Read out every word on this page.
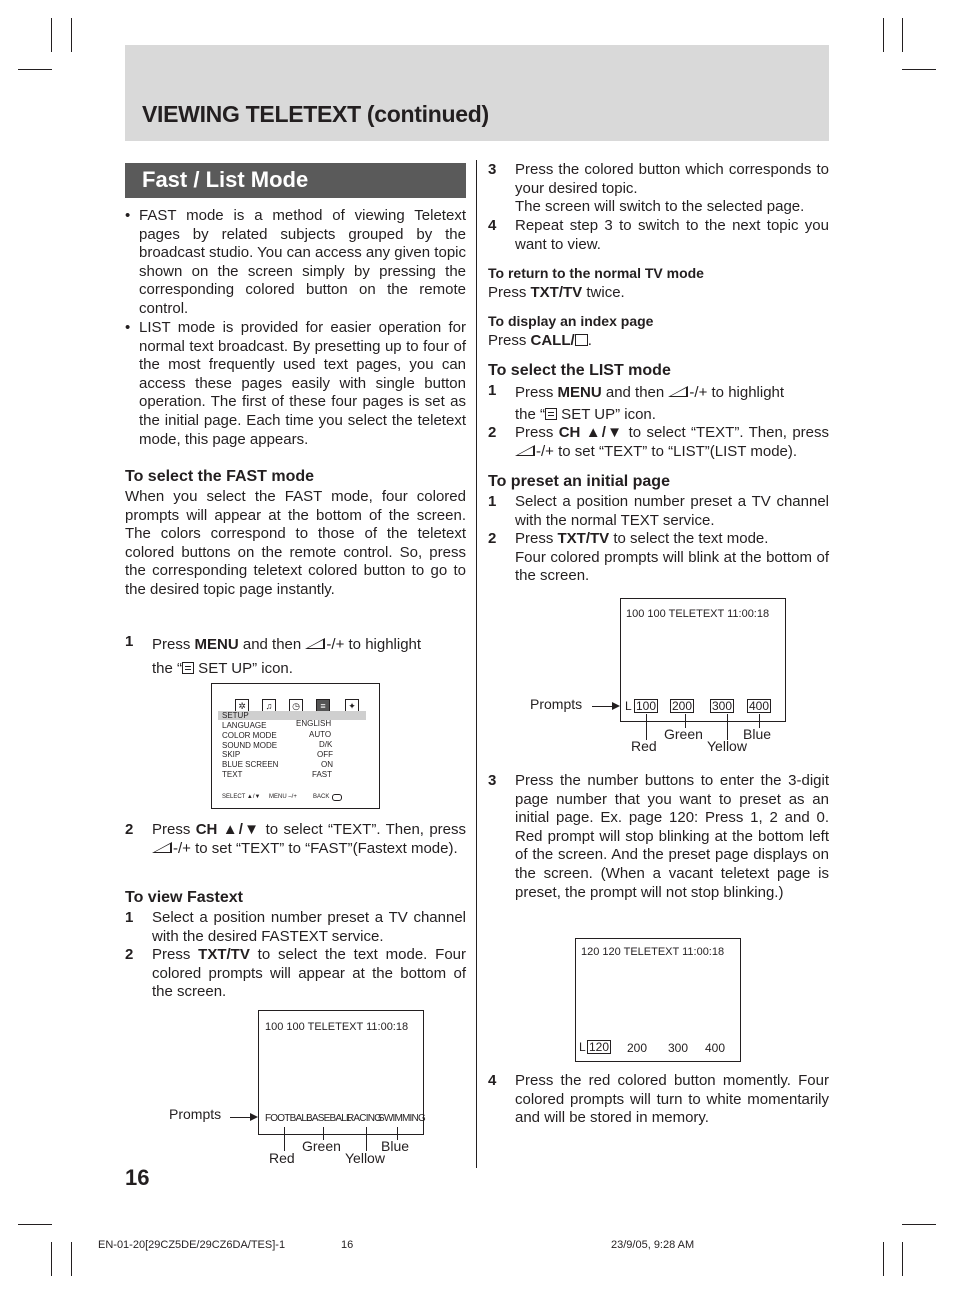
VIEWING TELETEXT (continued)
Fast / List Mode
• FAST mode is a method of viewing Teletext pages by related subjects grouped by the broadcast studio. You can access any given topic shown on the screen simply by pressing the corresponding colored button on the remote control.
• LIST mode is provided for easier operation for normal text broadcast. By presetting up to four of the most frequently used text pages, you can access these pages easily with single button operation. The first of these four pages is set as the initial page. Each time you select the teletext mode, this page appears.
To select the FAST mode
When you select the FAST mode, four colored prompts will appear at the bottom of the screen. The colors correspond to those of the teletext colored buttons on the remote control. So, press the corresponding teletext colored button to go to the desired topic page instantly.
1 Press MENU and then -/+ to highlight
the “ SET UP” icon.
✲	♫	◷	≡	✦
SETUP
LANGUAGE	ENGLISH
COLOR MODE	AUTO
SOUND MODE	D/K
SKIP	OFF
BLUE SCREEN	ON
TEXT	FAST
SELECT ▲/▼ MENU –/+	BACK
2 Press CH ▲/▼ to select “TEXT”. Then, press -/+ to set “TEXT” to “FAST”(Fastext mode).
To view Fastext
1 Select a position number preset a TV channel with the desired FASTEXT service.
2 Press TXT/TV to select the text mode. Four colored prompts will appear at the bottom of the screen.
100 100 TELETEXT 11:00:18
FOOTBALL
BASEBALL
RACING
SWIMMING
Prompts
Red
Green
Yellow
Blue
16
3 Press the colored button which corresponds to your desired topic.
The screen will switch to the selected page.
4 Repeat step 3 to switch to the next topic you want to view.
To return to the normal TV mode
Press TXT/TV twice.
To display an index page
Press CALL/ .
To select the LIST mode
1 Press MENU and then -/+ to highlight
the “ SET UP” icon.
2 Press CH ▲/▼ to select “TEXT”. Then, press -/+ to set “TEXT” to “LIST”(LIST mode).
To preset an initial page
1 Select a position number preset a TV channel with the normal TEXT service.
2 Press TXT/TV to select the text mode.
Four colored prompts will blink at the bottom of the screen.
100 100 TELETEXT 11:00:18
L 100 200 300 400
Prompts
Red
Green
Yellow
Blue
3 Press the number buttons to enter the 3-digit page number that you want to preset as an initial page. Ex. page 120: Press 1, 2 and 0. Red prompt will stop blinking at the bottom left of the screen. And the preset page displays on the screen. (When a vacant teletext page is preset, the prompt will not stop blinking.)
120 120 TELETEXT 11:00:18
L 120 200 300 400
4 Press the red colored button momently. Four colored prompts will turn to white momentarily and will be stored in memory.
EN-01-20[29CZ5DE/29CZ6DA/TES]-1	16	23/9/05, 9:28 AM
